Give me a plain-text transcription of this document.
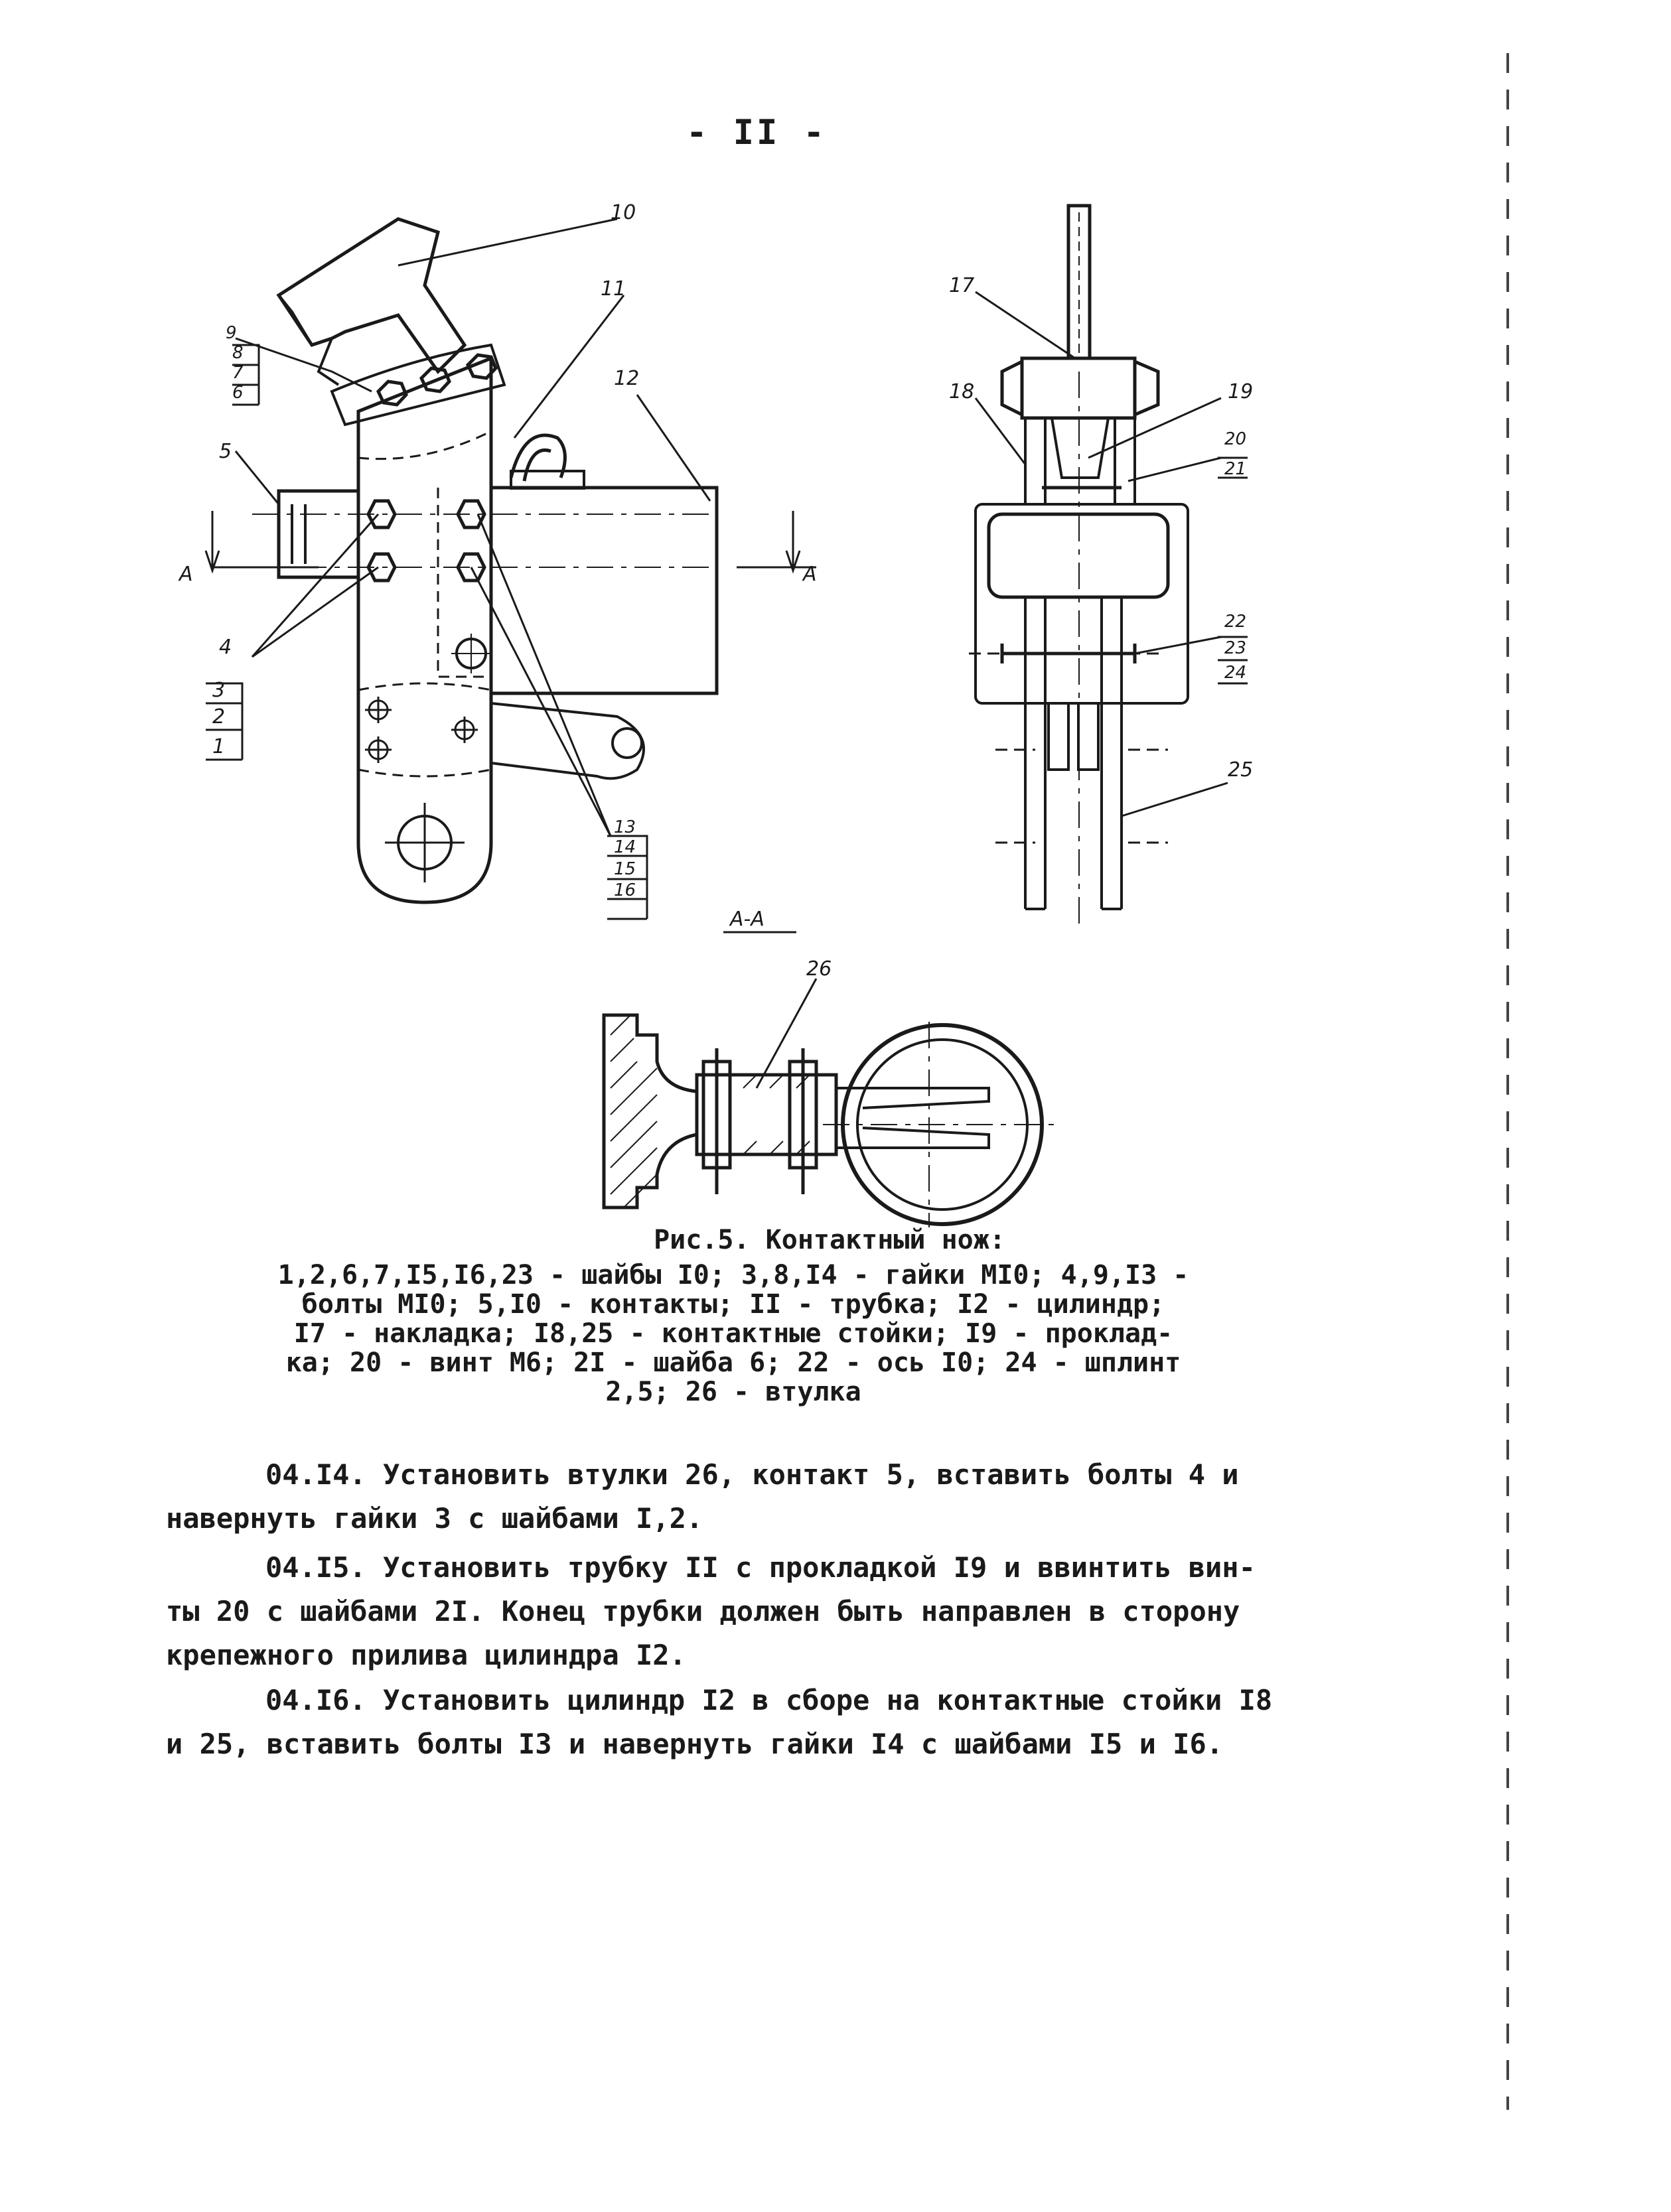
- II -
10
11
12
9
8
7
6
5
4
3
2
1
13
14
15
16
A	A
17
18	19
20
21
22
23
24
25
A-A
26
Рис.5. Контактный нож:
1,2,6,7,I5,I6,23 - шайбы I0; 3,8,I4 - гайки МI0; 4,9,I3 -
болты МI0; 5,I0 - контакты; II - трубка; I2 - цилиндр;
I7 - накладка; I8,25 - контактные стойки; I9 - проклад-
ка; 20 - винт М6; 2I - шайба 6; 22 - ось I0; 24 - шплинт
2,5; 26 - втулка
04.I4. Установить втулки 26, контакт 5, вставить болты 4 и
навернуть гайки 3 с шайбами I,2.
04.I5. Установить трубку II с прокладкой I9 и ввинтить вин-
ты 20 с шайбами 2I. Конец трубки должен быть направлен в сторону
крепежного прилива цилиндра I2.
04.I6. Установить цилиндр I2 в сборе на контактные стойки I8
и 25, вставить болты I3 и навернуть гайки I4 с шайбами I5 и I6.
